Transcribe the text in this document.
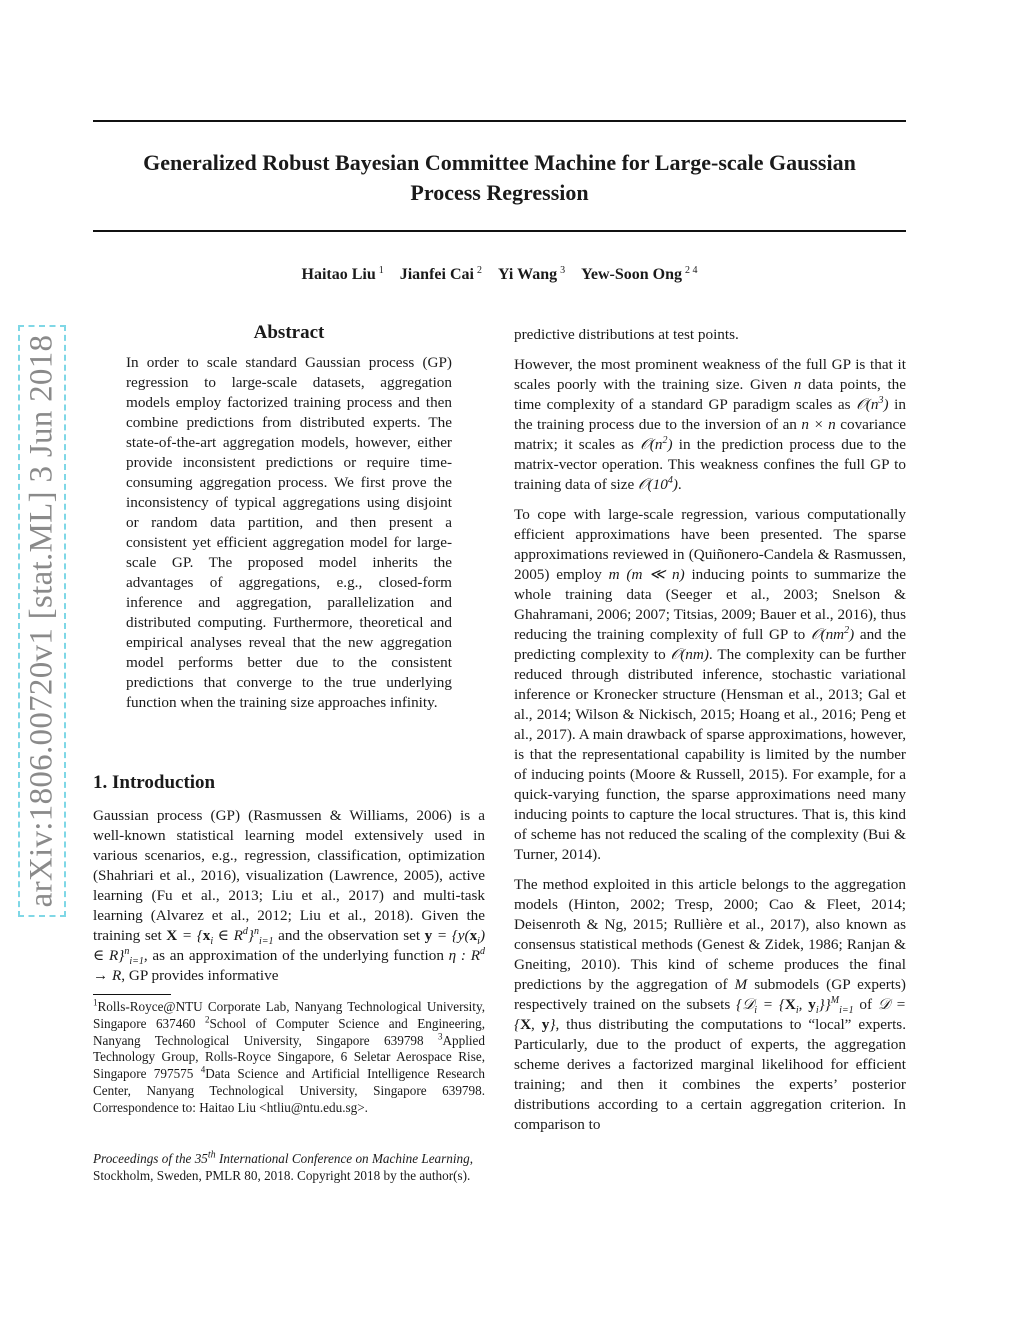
Generalized Robust Bayesian Committee Machine for Large-scale Gaussian
Process Regression
Haitao Liu $^1$ Jianfei Cai $^2$ Yi Wang $^3$ Yew-Soon Ong $^{2 4}$
arXiv:1806.00720v1 [stat.ML] 3 Jun 2018
Abstract

In order to scale standard Gaussian process (GP) regression to large-scale datasets, aggregation models employ factorized training process and then combine predictions from distributed experts. The state-of-the-art aggregation models, however, either provide inconsistent predictions or require time-consuming aggregation process. We first prove the inconsistency of typical aggregations using disjoint or random data partition, and then present a consistent yet efficient aggregation model for large-scale GP. The proposed model inherits the advantages of aggregations, e.g., closed-form inference and aggregation, parallelization and distributed computing. Furthermore, theoretical and empirical analyses reveal that the new aggregation model performs better due to the consistent predictions that converge to the true underlying function when the training size approaches infinity.

1. Introduction

Gaussian process (GP) (Rasmussen & Williams, 2006) is a well-known statistical learning model extensively used in various scenarios, e.g., regression, classification, optimization (Shahriari et al., 2016), visualization (Lawrence, 2005), active learning (Fu et al., 2013; Liu et al., 2017) and multi-task learning (Alvarez et al., 2012; Liu et al., 2018). Given the training set $X = \{x_i$ ∈ $R^d\}^n_{i=1}$ and the observation set $y = \{y(x_i)$ ∈ R}$^n_{i=1}$, as an approximation of the underlying function η : $R^d \to R$, GP provides informative

$^1$Rolls-Royce@NTU Corporate Lab, Nanyang Technological University, Singapore 637460 $^2$School of Computer Science and Engineering, Nanyang Technological University, Singapore 639798 $^3$Applied Technology Group, Rolls-Royce Singapore, 6 Seletar Aerospace Rise, Singapore 797575 $^4$Data Science and Artificial Intelligence Research Center, Nanyang Technological University, Singapore 639798. Correspondence to: Haitao Liu <htliu@ntu.edu.sg>.
Proceedings of the 35th International Conference on Machine Learning, Stockholm, Sweden, PMLR 80, 2018. Copyright 2018 by the author(s).

predictive distributions at test points.

However, the most prominent weakness of the full GP is that it scales poorly with the training size. Given n data points, the time complexity of a standard GP paradigm scales as $𝒪(n^3)$ in the training process due to the inversion of an n × n covariance matrix; it scales as $𝒪(n^2)$ in the prediction process due to the matrix-vector operation. This weakness confines the full GP to training data of size $𝒪(10^4)$.

To cope with large-scale regression, various computationally efficient approximations have been presented. The sparse approximations reviewed in (Quiñonero-Candela & Rasmussen, 2005) employ m (m ≪ n) inducing points to summarize the whole training data (Seeger et al., 2003; Snelson & Ghahramani, 2006; 2007; Titsias, 2009; Bauer et al., 2016), thus reducing the training complexity of full GP to $𝒪(nm^2)$ and the predicting complexity to 𝒪(nm). The complexity can be further reduced through distributed inference, stochastic variational inference or Kronecker structure (Hensman et al., 2013; Gal et al., 2014; Wilson & Nickisch, 2015; Hoang et al., 2016; Peng et al., 2017). A main drawback of sparse approximations, however, is that the representational capability is limited by the number of inducing points (Moore & Russell, 2015). For example, for a quick-varying function, the sparse approximations need many inducing points to capture the local structures. That is, this kind of scheme has not reduced the scaling of the complexity (Bui & Turner, 2014).

The method exploited in this article belongs to the aggregation models (Hinton, 2002; Tresp, 2000; Cao & Fleet, 2014; Deisenroth & Ng, 2015; Rullière et al., 2017), also known as consensus statistical methods (Genest & Zidek, 1986; Ranjan & Gneiting, 2010). This kind of scheme produces the final predictions by the aggregation of M submodels (GP experts) respectively trained on the subsets {𝒟$_i$ = {$X_i$, $y_i\}\}^M_{i=1}$ of 𝒟 = {X, y}, thus distributing the computations to “local” experts. Particularly, due to the product of experts, the aggregation scheme derives a factorized marginal likelihood for efficient training; and then it combines the experts’ posterior distributions according to a certain aggregation criterion. In comparison to
